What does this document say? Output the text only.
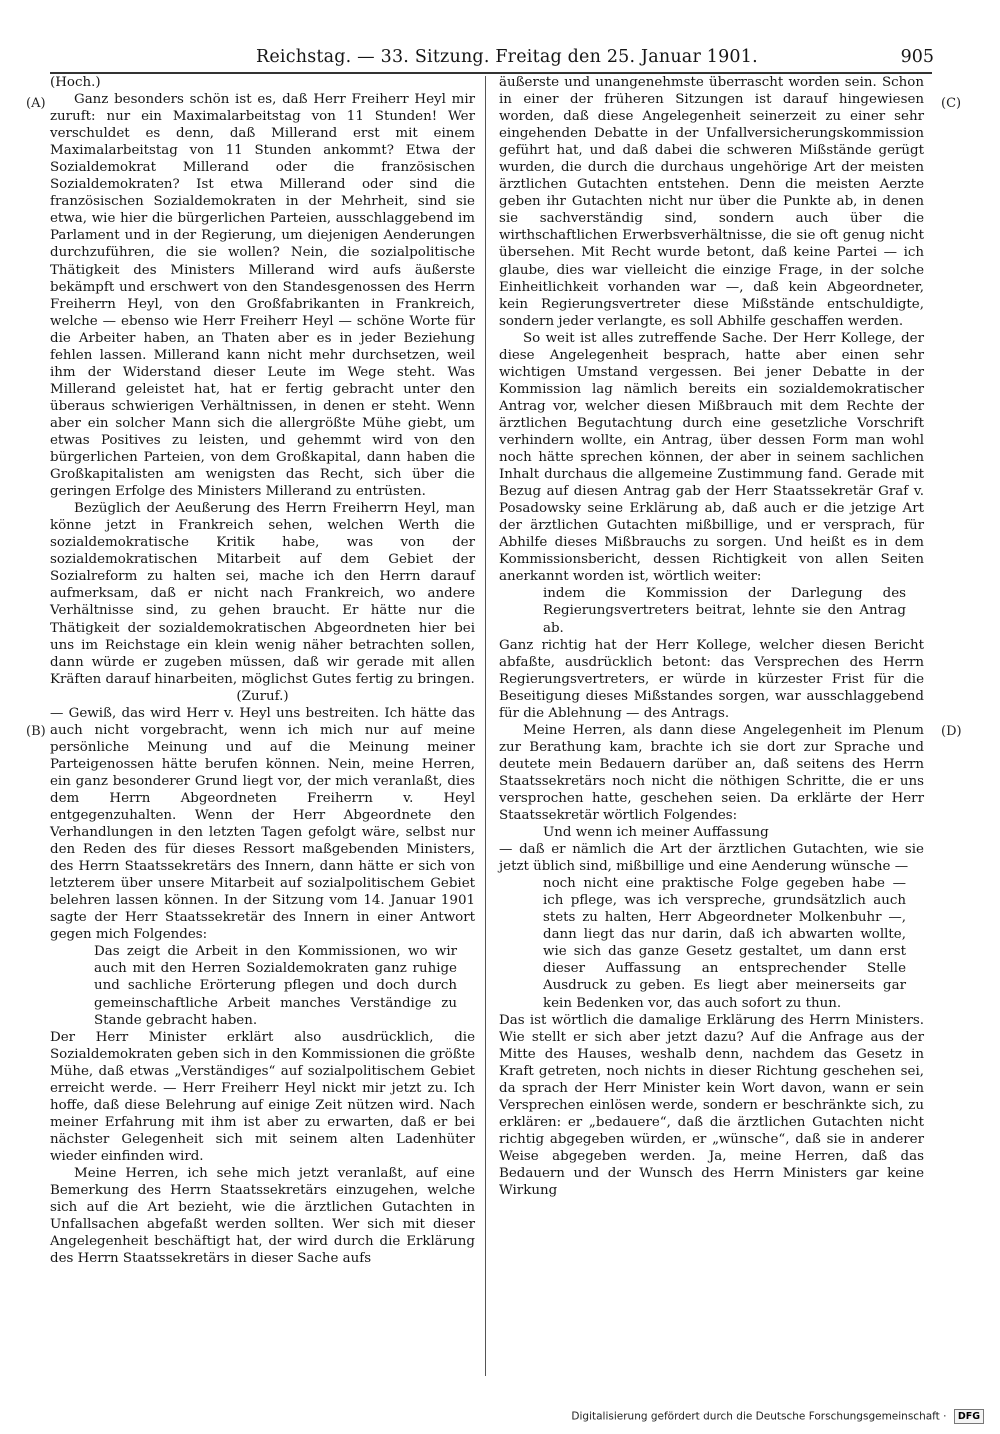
Reichstag. — 33. Sitzung. Freitag den 25. Januar 1901.	905
(A)
(B)
(C)
(D)

(Hoch.)

Ganz besonders schön ist es, daß Herr Freiherr Heyl mir zuruft: nur ein Maximalarbeitstag von 11 Stunden! Wer verschuldet es denn, daß Millerand erst mit einem Maximalarbeitstag von 11 Stunden ankommt? Etwa der Sozialdemokrat Millerand oder die französischen Sozialdemokraten? Ist etwa Millerand oder sind die französischen Sozialdemokraten in der Mehrheit, sind sie etwa, wie hier die bürgerlichen Parteien, ausschlaggebend im Parlament und in der Regierung, um diejenigen Aenderungen durchzuführen, die sie wollen? Nein, die sozialpolitische Thätigkeit des Ministers Millerand wird aufs äußerste bekämpft und erschwert von den Standesgenossen des Herrn Freiherrn Heyl, von den Großfabrikanten in Frankreich, welche — ebenso wie Herr Freiherr Heyl — schöne Worte für die Arbeiter haben, an Thaten aber es in jeder Beziehung fehlen lassen. Millerand kann nicht mehr durchsetzen, weil ihm der Widerstand dieser Leute im Wege steht. Was Millerand geleistet hat, hat er fertig gebracht unter den überaus schwierigen Verhältnissen, in denen er steht. Wenn aber ein solcher Mann sich die allergrößte Mühe giebt, um etwas Positives zu leisten, und gehemmt wird von den bürgerlichen Parteien, von dem Großkapital, dann haben die Großkapitalisten am wenigsten das Recht, sich über die geringen Erfolge des Ministers Millerand zu entrüsten.

Bezüglich der Aeußerung des Herrn Freiherrn Heyl, man könne jetzt in Frankreich sehen, welchen Werth die sozialdemokratische Kritik habe, was von der sozialdemokratischen Mitarbeit auf dem Gebiet der Sozialreform zu halten sei, mache ich den Herrn darauf aufmerksam, daß er nicht nach Frankreich, wo andere Verhältnisse sind, zu gehen braucht. Er hätte nur die Thätigkeit der sozialdemokratischen Abgeordneten hier bei uns im Reichstage ein klein wenig näher betrachten sollen, dann würde er zugeben müssen, daß wir gerade mit allen Kräften darauf hinarbeiten, möglichst Gutes fertig zu bringen.

(Zuruf.)

— Gewiß, das wird Herr v. Heyl uns bestreiten. Ich hätte das auch nicht vorgebracht, wenn ich mich nur auf meine persönliche Meinung und auf die Meinung meiner Parteigenossen hätte berufen können. Nein, meine Herren, ein ganz besonderer Grund liegt vor, der mich veranlaßt, dies dem Herrn Abgeordneten Freiherrn v. Heyl entgegenzuhalten. Wenn der Herr Abgeordnete den Verhandlungen in den letzten Tagen gefolgt wäre, selbst nur den Reden des für dieses Ressort maßgebenden Ministers, des Herrn Staatssekretärs des Innern, dann hätte er sich von letzterem über unsere Mitarbeit auf sozialpolitischem Gebiet belehren lassen können. In der Sitzung vom 14. Januar 1901 sagte der Herr Staatssekretär des Innern in einer Antwort gegen mich Folgendes:

Das zeigt die Arbeit in den Kommissionen, wo wir auch mit den Herren Sozialdemokraten ganz ruhige und sachliche Erörterung pflegen und doch durch gemeinschaftliche Arbeit manches Verständige zu Stande gebracht haben.

Der Herr Minister erklärt also ausdrücklich, die Sozialdemokraten geben sich in den Kommissionen die größte Mühe, daß etwas „Verständiges“ auf sozialpolitischem Gebiet erreicht werde. — Herr Freiherr Heyl nickt mir jetzt zu. Ich hoffe, daß diese Belehrung auf einige Zeit nützen wird. Nach meiner Erfahrung mit ihm ist aber zu erwarten, daß er bei nächster Gelegenheit sich mit seinem alten Ladenhüter wieder einfinden wird.

Meine Herren, ich sehe mich jetzt veranlaßt, auf eine Bemerkung des Herrn Staatssekretärs einzugehen, welche sich auf die Art bezieht, wie die ärztlichen Gutachten in Unfallsachen abgefaßt werden sollten. Wer sich mit dieser Angelegenheit beschäftigt hat, der wird durch die Erklärung des Herrn Staatssekretärs in dieser Sache aufs

äußerste und unangenehmste überrascht worden sein. Schon in einer der früheren Sitzungen ist darauf hingewiesen worden, daß diese Angelegenheit seinerzeit zu einer sehr eingehenden Debatte in der Unfallversicherungskommission geführt hat, und daß dabei die schweren Mißstände gerügt wurden, die durch die durchaus ungehörige Art der meisten ärztlichen Gutachten entstehen. Denn die meisten Aerzte geben ihr Gutachten nicht nur über die Punkte ab, in denen sie sachverständig sind, sondern auch über die wirthschaftlichen Erwerbsverhältnisse, die sie oft genug nicht übersehen. Mit Recht wurde betont, daß keine Partei — ich glaube, dies war vielleicht die einzige Frage, in der solche Einheitlichkeit vorhanden war —, daß kein Abgeordneter, kein Regierungsvertreter diese Mißstände entschuldigte, sondern jeder verlangte, es soll Abhilfe geschaffen werden.

So weit ist alles zutreffende Sache. Der Herr Kollege, der diese Angelegenheit besprach, hatte aber einen sehr wichtigen Umstand vergessen. Bei jener Debatte in der Kommission lag nämlich bereits ein sozialdemokratischer Antrag vor, welcher diesen Mißbrauch mit dem Rechte der ärztlichen Begutachtung durch eine gesetzliche Vorschrift verhindern wollte, ein Antrag, über dessen Form man wohl noch hätte sprechen können, der aber in seinem sachlichen Inhalt durchaus die allgemeine Zustimmung fand. Gerade mit Bezug auf diesen Antrag gab der Herr Staatssekretär Graf v. Posadowsky seine Erklärung ab, daß auch er die jetzige Art der ärztlichen Gutachten mißbillige, und er versprach, für Abhilfe dieses Mißbrauchs zu sorgen. Und heißt es in dem Kommissionsbericht, dessen Richtigkeit von allen Seiten anerkannt worden ist, wörtlich weiter:

indem die Kommission der Darlegung des Regierungsvertreters beitrat, lehnte sie den Antrag ab.

Ganz richtig hat der Herr Kollege, welcher diesen Bericht abfaßte, ausdrücklich betont: das Versprechen des Herrn Regierungsvertreters, er würde in kürzester Frist für die Beseitigung dieses Mißstandes sorgen, war ausschlaggebend für die Ablehnung — des Antrags.

Meine Herren, als dann diese Angelegenheit im Plenum zur Berathung kam, brachte ich sie dort zur Sprache und deutete mein Bedauern darüber an, daß seitens des Herrn Staatssekretärs noch nicht die nöthigen Schritte, die er uns versprochen hatte, geschehen seien. Da erklärte der Herr Staatssekretär wörtlich Folgendes:

Und wenn ich meiner Auffassung

— daß er nämlich die Art der ärztlichen Gutachten, wie sie jetzt üblich sind, mißbillige und eine Aenderung wünsche —

noch nicht eine praktische Folge gegeben habe — ich pflege, was ich verspreche, grundsätzlich auch stets zu halten, Herr Abgeordneter Molkenbuhr —, dann liegt das nur darin, daß ich abwarten wollte, wie sich das ganze Gesetz gestaltet, um dann erst dieser Auffassung an entsprechender Stelle Ausdruck zu geben. Es liegt aber meinerseits gar kein Bedenken vor, das auch sofort zu thun.

Das ist wörtlich die damalige Erklärung des Herrn Ministers. Wie stellt er sich aber jetzt dazu? Auf die Anfrage aus der Mitte des Hauses, weshalb denn, nachdem das Gesetz in Kraft getreten, noch nichts in dieser Richtung geschehen sei, da sprach der Herr Minister kein Wort davon, wann er sein Versprechen einlösen werde, sondern er beschränkte sich, zu erklären: er „bedauere“, daß die ärztlichen Gutachten nicht richtig abgegeben würden, er „wünsche“, daß sie in anderer Weise abgegeben werden. Ja, meine Herren, daß das Bedauern und der Wunsch des Herrn Ministers gar keine Wirkung

Digitalisierung gefördert durch die Deutsche Forschungsgemeinschaft · DFG
